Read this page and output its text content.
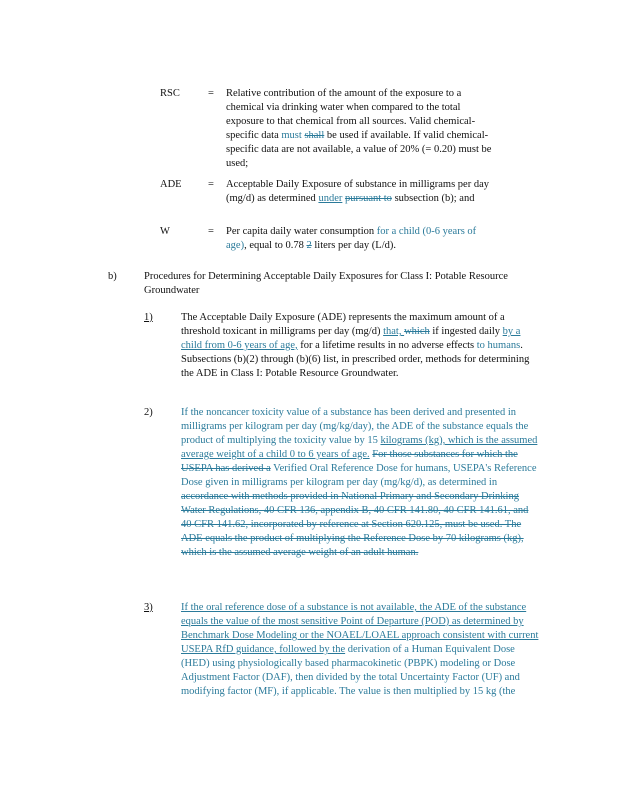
RSC	=	Relative contribution of the amount of the exposure to a chemical via drinking water when compared to the total exposure to that chemical from all sources. Valid chemical-specific data must shall be used if available. If valid chemical-specific data are not available, a value of 20% (= 0.20) must be used;
ADE	=	Acceptable Daily Exposure of substance in milligrams per day (mg/d) as determined under pursuant to subsection (b); and
W	=	Per capita daily water consumption for a child (0-6 years of age), equal to 0.78 2 liters per day (L/d).
b)	Procedures for Determining Acceptable Daily Exposures for Class I: Potable Resource Groundwater
1)	The Acceptable Daily Exposure (ADE) represents the maximum amount of a threshold toxicant in milligrams per day (mg/d) that, which if ingested daily by a child from 0-6 years of age, for a lifetime results in no adverse effects to humans. Subsections (b)(2) through (b)(6) list, in prescribed order, methods for determining the ADE in Class I: Potable Resource Groundwater.
2)	If the noncancer toxicity value of a substance has been derived and presented in milligrams per kilogram per day (mg/kg/day), the ADE of the substance equals the product of multiplying the toxicity value by 15 kilograms (kg), which is the assumed average weight of a child 0 to 6 years of age. For those substances for which the USEPA has derived a Verified Oral Reference Dose for humans, USEPA's Reference Dose given in milligrams per kilogram per day (mg/kg/d), as determined in accordance with methods provided in National Primary and Secondary Drinking Water Regulations, 40 CFR 136, appendix B, 40 CFR 141.80, 40 CFR 141.61, and 40 CFR 141.62, incorporated by reference at Section 620.125, must be used. The ADE equals the product of multiplying the Reference Dose by 70 kilograms (kg), which is the assumed average weight of an adult human.
3)	If the oral reference dose of a substance is not available, the ADE of the substance equals the value of the most sensitive Point of Departure (POD) as determined by Benchmark Dose Modeling or the NOAEL/LOAEL approach consistent with current USEPA RfD guidance, followed by the derivation of a Human Equivalent Dose (HED) using physiologically based pharmacokinetic (PBPK) modeling or Dose Adjustment Factor (DAF), then divided by the total Uncertainty Factor (UF) and modifying factor (MF), if applicable. The value is then multiplied by 15 kg (the
